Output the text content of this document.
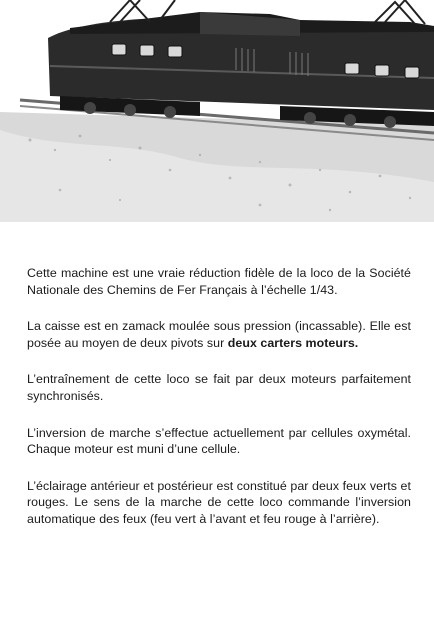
Cette machine est une vraie réduction fidèle de la loco de la Société Nationale des Chemins de Fer Français à l’échelle 1/43.

La caisse est en zamack moulée sous pression (incassable). Elle est posée au moyen de deux pivots sur deux carters moteurs.

L’entraînement de cette loco se fait par deux moteurs parfaitement synchronisés.

L’inversion de marche s’effectue actuellement par cellules oxymétal. Chaque moteur est muni d’une cellule.

L’éclairage antérieur et postérieur est constitué par deux feux verts et rouges. Le sens de la marche de cette loco commande l’inversion automatique des feux (feu vert à l’avant et feu rouge à l’arrière).
